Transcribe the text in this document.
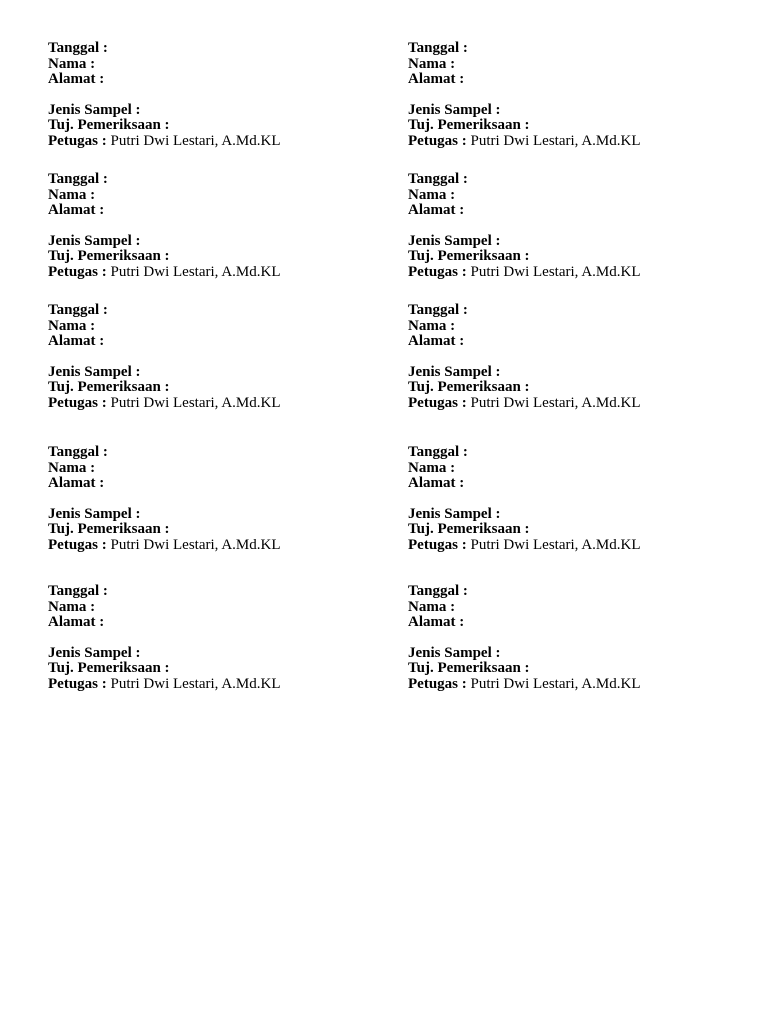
Tanggal :
Nama :
Alamat :
Jenis Sampel :
Tuj. Pemeriksaan :
Petugas : Putri Dwi Lestari, A.Md.KL
Tanggal :
Nama :
Alamat :
Jenis Sampel :
Tuj. Pemeriksaan :
Petugas : Putri Dwi Lestari, A.Md.KL
Tanggal :
Nama :
Alamat :
Jenis Sampel :
Tuj. Pemeriksaan :
Petugas : Putri Dwi Lestari, A.Md.KL
Tanggal :
Nama :
Alamat :
Jenis Sampel :
Tuj. Pemeriksaan :
Petugas : Putri Dwi Lestari, A.Md.KL
Tanggal :
Nama :
Alamat :
Jenis Sampel :
Tuj. Pemeriksaan :
Petugas : Putri Dwi Lestari, A.Md.KL
Tanggal :
Nama :
Alamat :
Jenis Sampel :
Tuj. Pemeriksaan :
Petugas : Putri Dwi Lestari, A.Md.KL
Tanggal :
Nama :
Alamat :
Jenis Sampel :
Tuj. Pemeriksaan :
Petugas : Putri Dwi Lestari, A.Md.KL
Tanggal :
Nama :
Alamat :
Jenis Sampel :
Tuj. Pemeriksaan :
Petugas : Putri Dwi Lestari, A.Md.KL
Tanggal :
Nama :
Alamat :
Jenis Sampel :
Tuj. Pemeriksaan :
Petugas : Putri Dwi Lestari, A.Md.KL
Tanggal :
Nama :
Alamat :
Jenis Sampel :
Tuj. Pemeriksaan :
Petugas : Putri Dwi Lestari, A.Md.KL
